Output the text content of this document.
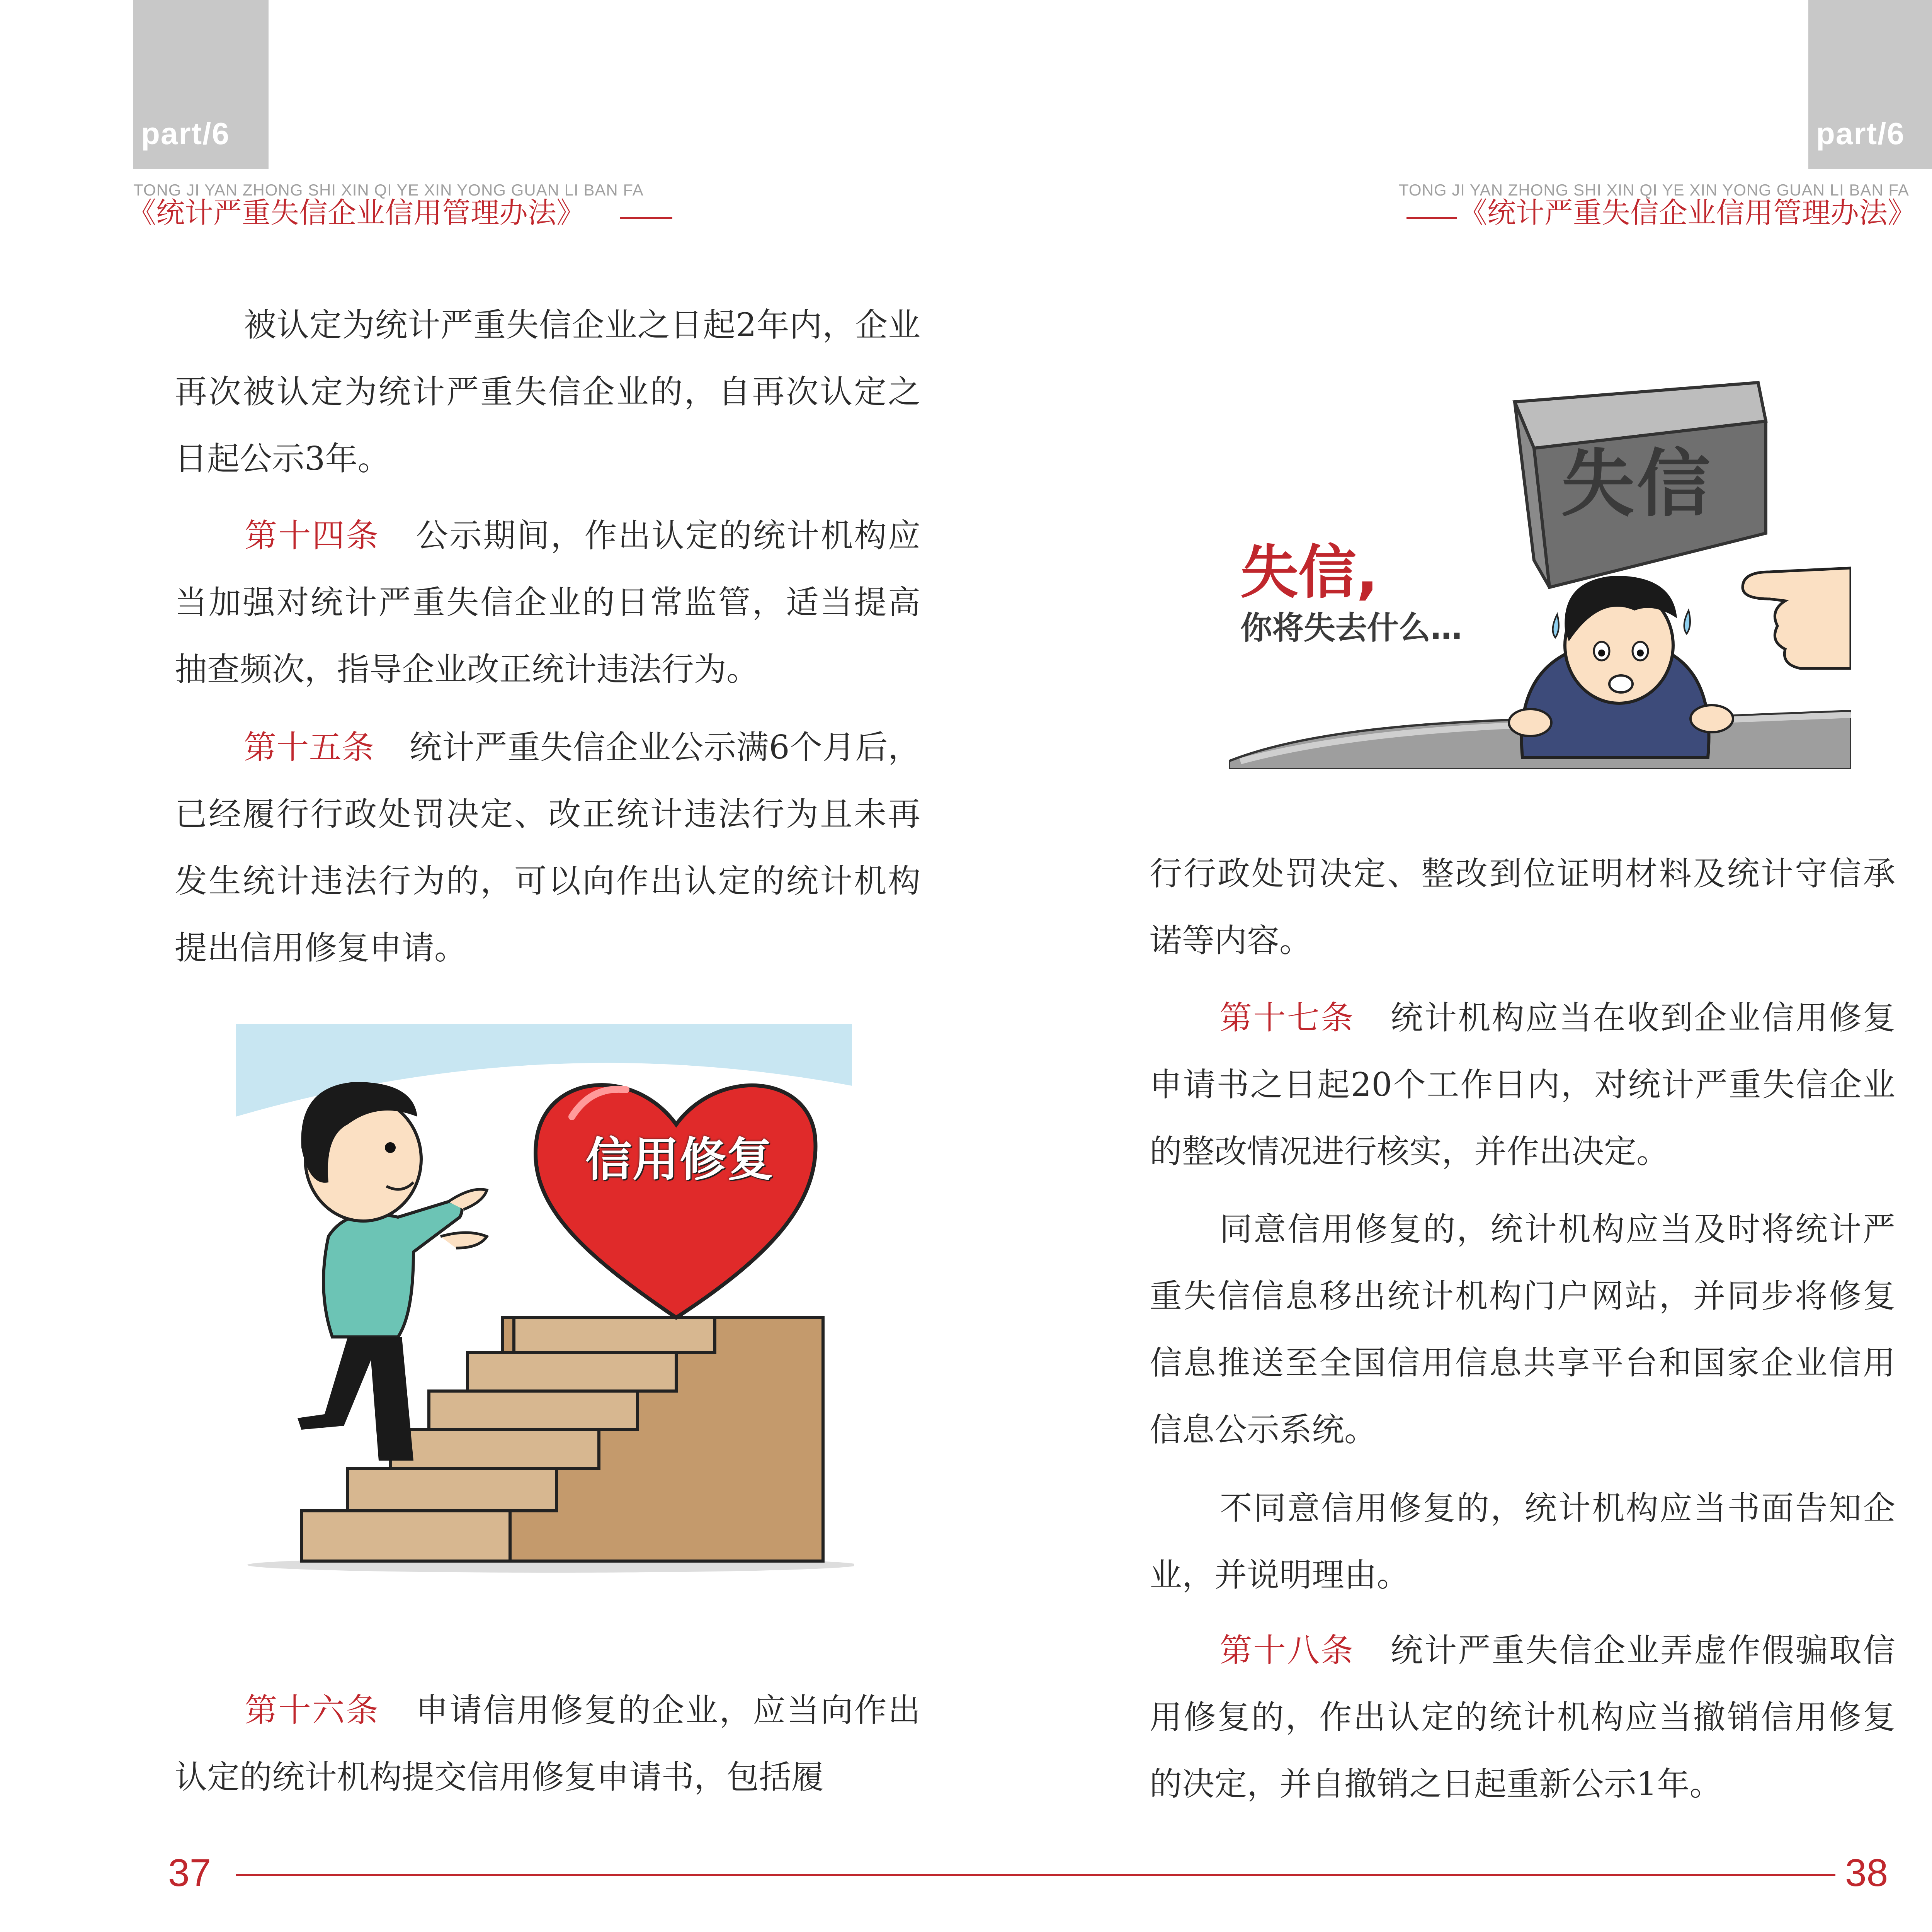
part/6
TONG JI YAN ZHONG SHI XIN QI YE XIN YONG GUAN LI BAN FA
《统计严重失信企业信用管理办法》
part/6
TONG JI YAN ZHONG SHI XIN QI YE XIN YONG GUAN LI BAN FA
《统计严重失信企业信用管理办法》
被认定为统计严重失信企业之日起2年内，企业再次被认定为统计严重失信企业的，自再次认定之日起公示3年。
第十四条 公示期间，作出认定的统计机构应当加强对统计严重失信企业的日常监管，适当提高抽查频次，指导企业改正统计违法行为。
第十五条 统计严重失信企业公示满6个月后，已经履行行政处罚决定、改正统计违法行为且未再发生统计违法行为的，可以向作出认定的统计机构提出信用修复申请。
信用修复
第十六条 申请信用修复的企业，应当向作出认定的统计机构提交信用修复申请书，包括履
失信
失信,
你将失去什么…
行行政处罚决定、整改到位证明材料及统计守信承诺等内容。
第十七条 统计机构应当在收到企业信用修复申请书之日起20个工作日内，对统计严重失信企业的整改情况进行核实，并作出决定。
同意信用修复的，统计机构应当及时将统计严重失信信息移出统计机构门户网站，并同步将修复信息推送至全国信用信息共享平台和国家企业信用信息公示系统。
不同意信用修复的，统计机构应当书面告知企业，并说明理由。
第十八条 统计严重失信企业弄虚作假骗取信用修复的，作出认定的统计机构应当撤销信用修复的决定，并自撤销之日起重新公示1年。
37	38
